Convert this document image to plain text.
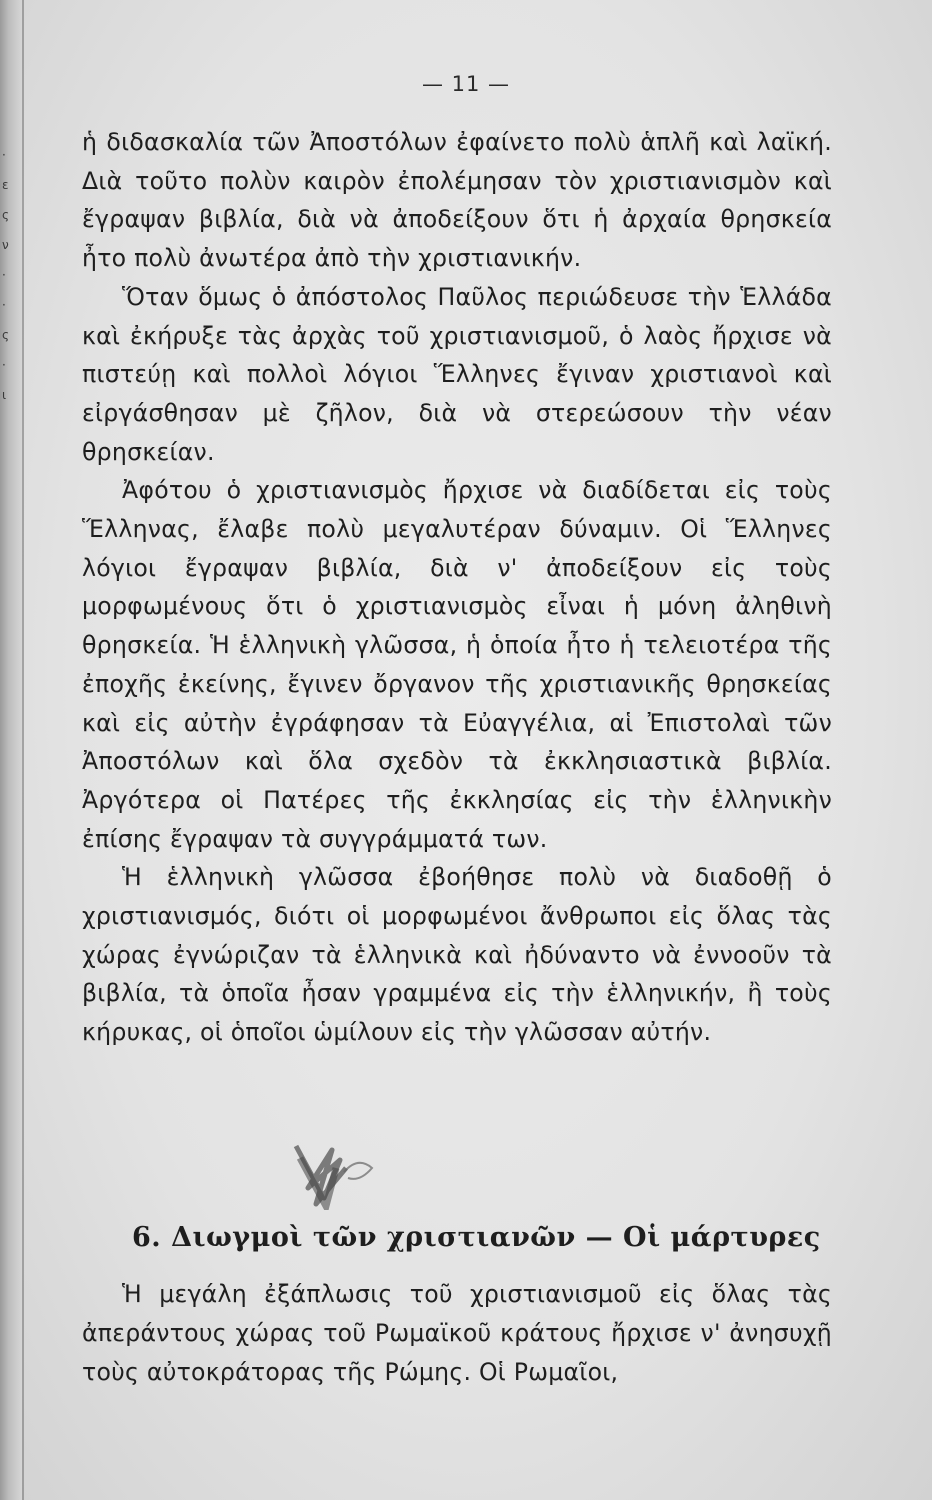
·
ε
ς
ν
·
·
ς
·
ι
— 11 —

ἡ διδασκαλία τῶν Ἀποστόλων ἐφαίνετο πολὺ ἁπλῆ καὶ λαϊκή. Διὰ τοῦτο πολὺν καιρὸν ἐπολέμησαν τὸν χριστιανισμὸν καὶ ἔγραψαν βιβλία, διὰ νὰ ἀποδείξουν ὅτι ἡ ἀρχαία θρησκεία ἦτο πολὺ ἀνωτέρα ἀπὸ τὴν χριστιανικήν.

Ὅταν ὅμως ὁ ἀπόστολος Παῦλος περιώδευσε τὴν Ἑλλάδα καὶ ἐκήρυξε τὰς ἀρχὰς τοῦ χριστιανισμοῦ, ὁ λαὸς ἤρχισε νὰ πιστεύῃ καὶ πολλοὶ λόγιοι Ἕλληνες ἔγιναν χριστιανοὶ καὶ εἰργάσθησαν μὲ ζῆλον, διὰ νὰ στερεώσουν τὴν νέαν θρησκείαν.

Ἀφότου ὁ χριστιανισμὸς ἤρχισε νὰ διαδίδεται εἰς τοὺς Ἕλληνας, ἔλαβε πολὺ μεγαλυτέραν δύναμιν. Οἱ Ἕλληνες λόγιοι ἔγραψαν βιβλία, διὰ ν' ἀποδείξουν εἰς τοὺς μορφωμένους ὅτι ὁ χριστιανισμὸς εἶναι ἡ μόνη ἀληθινὴ θρησκεία. Ἡ ἑλληνικὴ γλῶσσα, ἡ ὁποία ἦτο ἡ τελειοτέρα τῆς ἐποχῆς ἐκείνης, ἔγινεν ὄργανον τῆς χριστιανικῆς θρησκείας καὶ εἰς αὐτὴν ἐγράφησαν τὰ Εὐαγγέλια, αἱ Ἐπιστολαὶ τῶν Ἀποστόλων καὶ ὅλα σχεδὸν τὰ ἐκκλησιαστικὰ βιβλία. Ἀργότερα οἱ Πατέρες τῆς ἐκκλησίας εἰς τὴν ἑλληνικὴν ἐπίσης ἔγραψαν τὰ συγγράμματά των.

Ἡ ἑλληνικὴ γλῶσσα ἐβοήθησε πολὺ νὰ διαδοθῇ ὁ χριστιανισμός, διότι οἱ μορφωμένοι ἄνθρωποι εἰς ὅλας τὰς χώρας ἐγνώριζαν τὰ ἑλληνικὰ καὶ ἠδύναντο νὰ ἐννοοῦν τὰ βιβλία, τὰ ὁποῖα ἦσαν γραμμένα εἰς τὴν ἑλληνικήν, ἢ τοὺς κήρυκας, οἱ ὁποῖοι ὡμίλουν εἰς τὴν γλῶσσαν αὐτήν.

6. Διωγμοὶ τῶν χριστιανῶν — Οἱ μάρτυρες

Ἡ μεγάλη ἐξάπλωσις τοῦ χριστιανισμοῦ εἰς ὅλας τὰς ἀπεράντους χώρας τοῦ Ρωμαϊκοῦ κράτους ἤρχισε ν' ἀνησυχῇ τοὺς αὐτοκράτορας τῆς Ρώμης. Οἱ Ρωμαῖοι,
